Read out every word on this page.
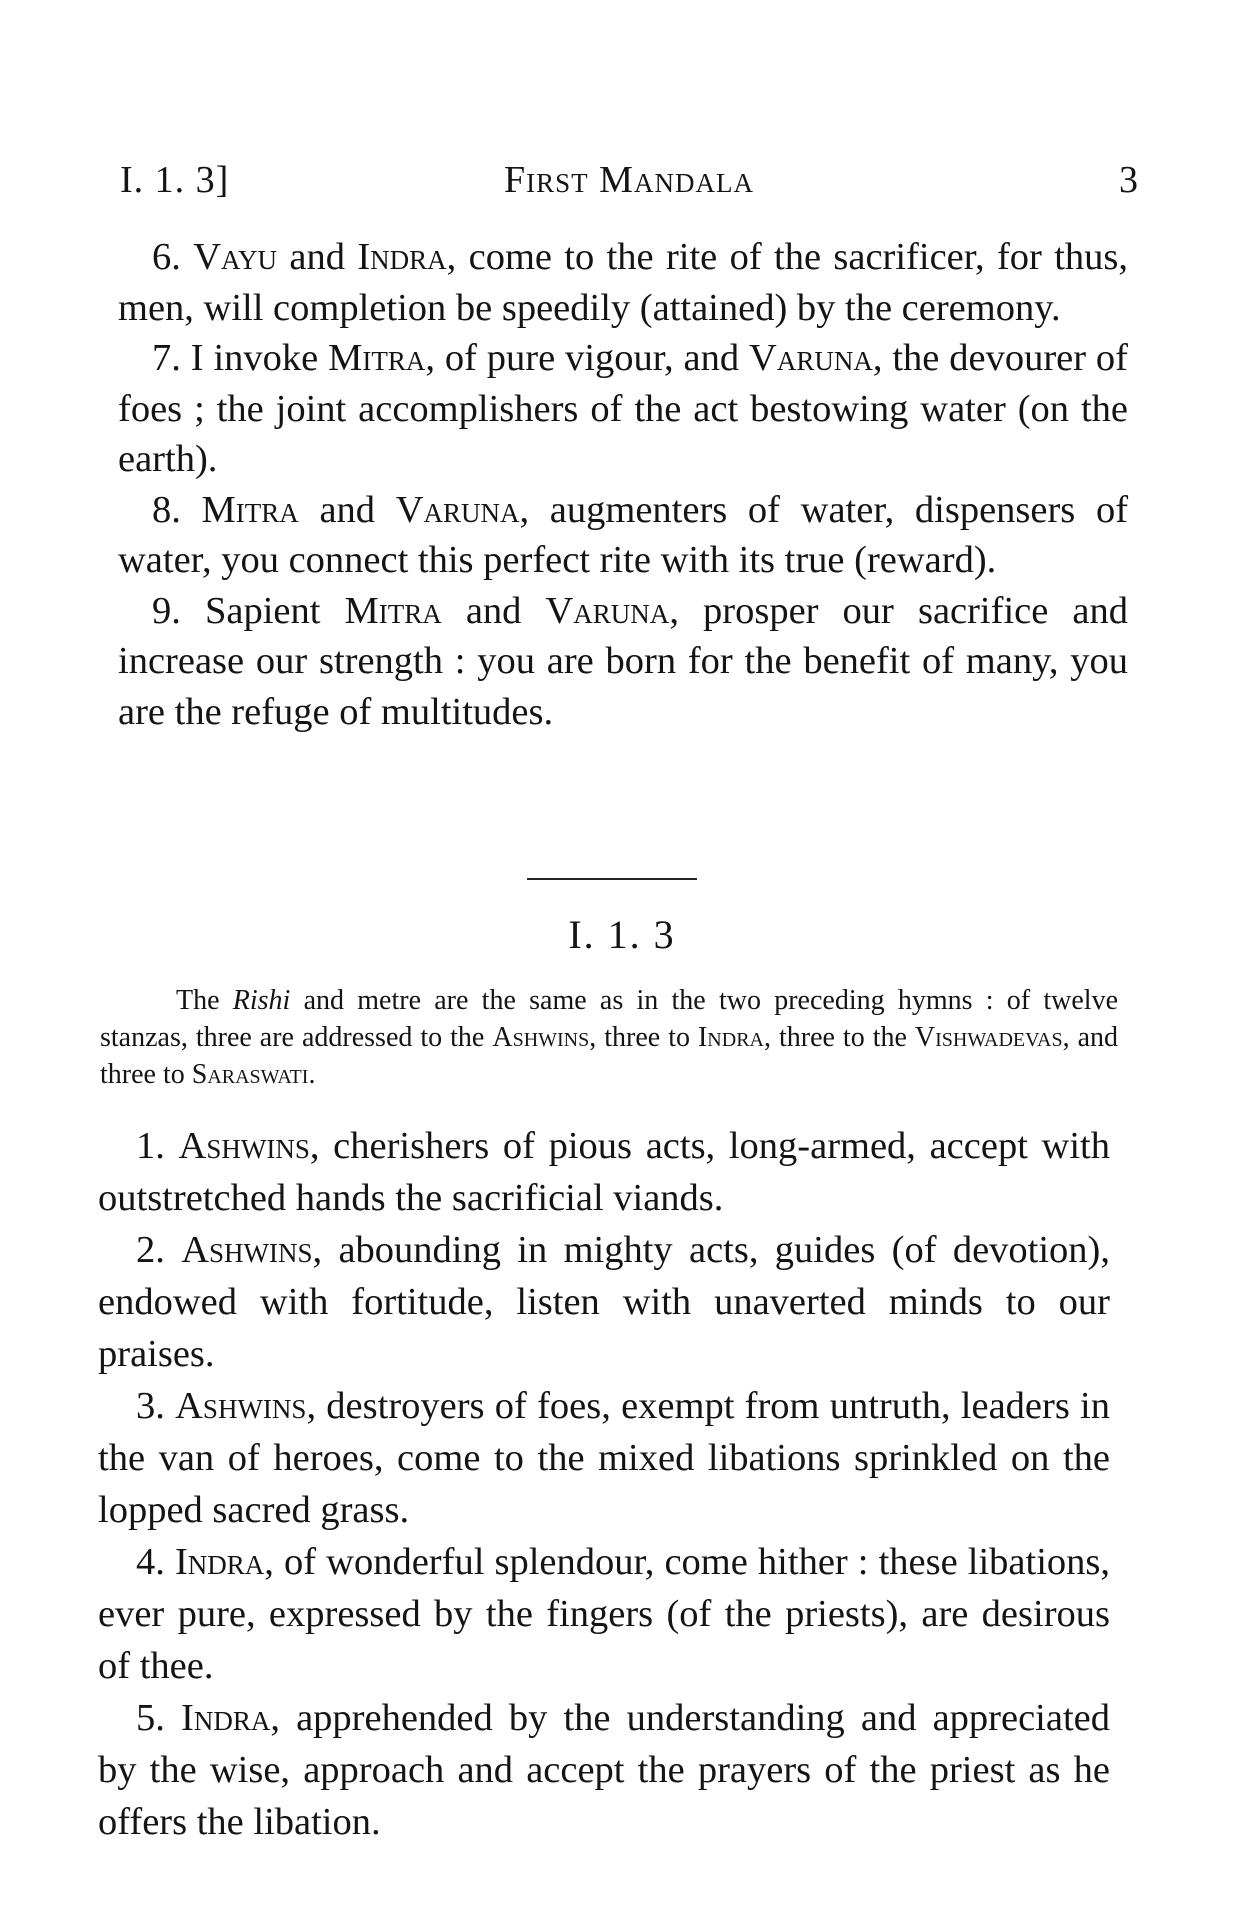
I. 1. 3]	First Mandala	3

6. Vayu and Indra, come to the rite of the sacrificer, for thus, men, will completion be speedily (attained) by the ceremony.

7. I invoke Mitra, of pure vigour, and Varuna, the devourer of foes ; the joint accomplishers of the act bestowing water (on the earth).

8. Mitra and Varuna, augmenters of water, dispensers of water, you connect this perfect rite with its true (reward).

9. Sapient Mitra and Varuna, prosper our sacrifice and increase our strength : you are born for the benefit of many, you are the refuge of multitudes.

I. 1. 3
The Rishi and metre are the same as in the two preceding hymns : of twelve stanzas, three are addressed to the Ashwins, three to Indra, three to the Vishwadevas, and three to Saraswati.

1. Ashwins, cherishers of pious acts, long-armed, accept with outstretched hands the sacrificial viands.

2. Ashwins, abounding in mighty acts, guides (of devotion), endowed with fortitude, listen with unaverted minds to our praises.

3. Ashwins, destroyers of foes, exempt from untruth, leaders in the van of heroes, come to the mixed libations sprinkled on the lopped sacred grass.

4. Indra, of wonderful splendour, come hither : these libations, ever pure, expressed by the fingers (of the priests), are desirous of thee.

5. Indra, apprehended by the understanding and appreciated by the wise, approach and accept the prayers of the priest as he offers the libation.
